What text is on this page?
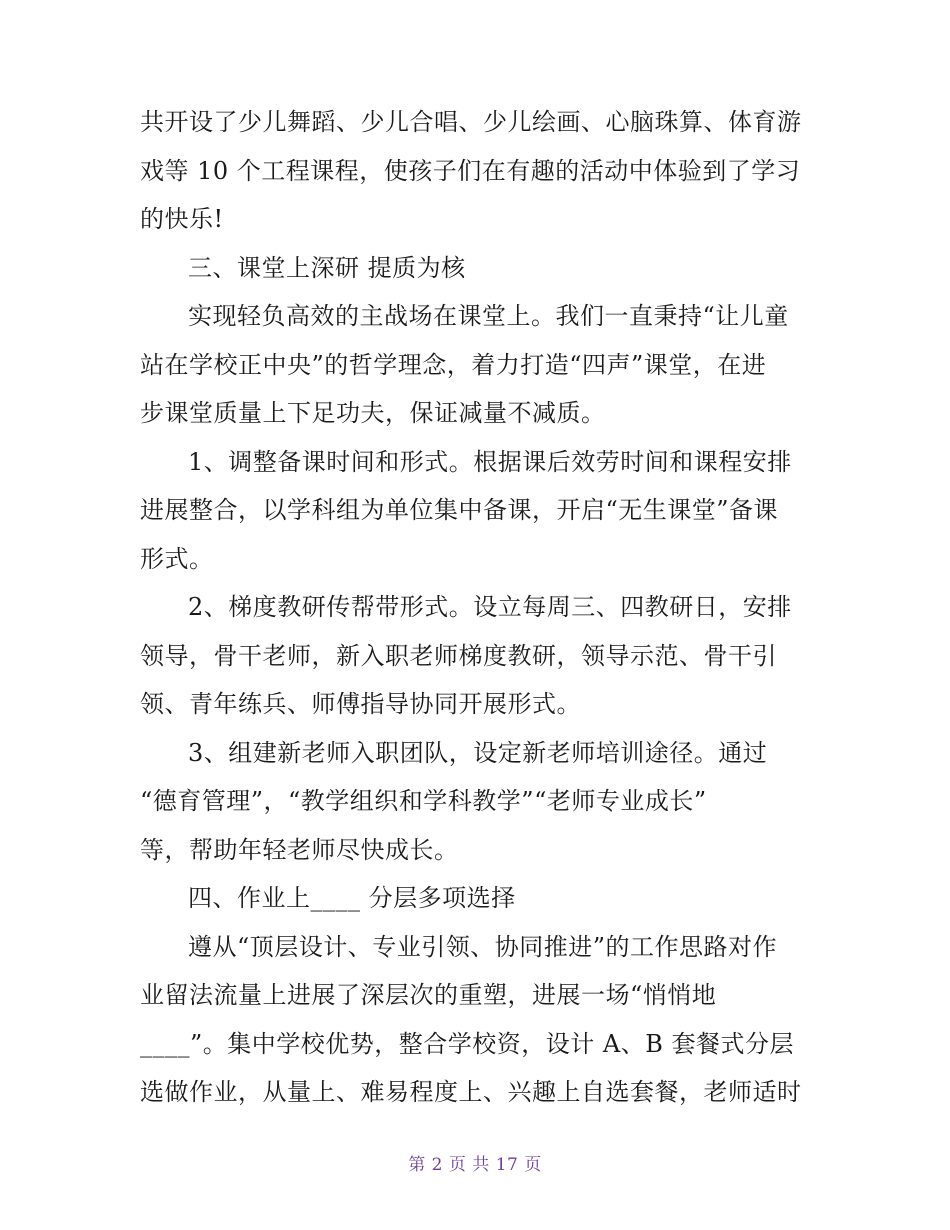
共开设了少儿舞蹈、少儿合唱、少儿绘画、心脑珠算、体育游
戏等 10 个工程课程，使孩子们在有趣的活动中体验到了学习
的快乐!
三、课堂上深研 提质为核
实现轻负高效的主战场在课堂上。我们一直秉持“让儿童
站在学校正中央”的哲学理念，着力打造“四声”课堂，在进
步课堂质量上下足功夫，保证减量不减质。
1、调整备课时间和形式。根据课后效劳时间和课程安排
进展整合，以学科组为单位集中备课，开启“无生课堂”备课
形式。
2、梯度教研传帮带形式。设立每周三、四教研日，安排
领导，骨干老师，新入职老师梯度教研，领导示范、骨干引
领、青年练兵、师傅指导协同开展形式。
3、组建新老师入职团队，设定新老师培训途径。通过
“德育管理”，“教学组织和学科教学”“老师专业成长”
等，帮助年轻老师尽快成长。
四、作业上____ 分层多项选择
遵从“顶层设计、专业引领、协同推进”的工作思路对作
业留法流量上进展了深层次的重塑，进展一场“悄悄地
____”。集中学校优势，整合学校资，设计 A、B 套餐式分层
选做作业，从量上、难易程度上、兴趣上自选套餐，老师适时

第 2 页 共 17 页
